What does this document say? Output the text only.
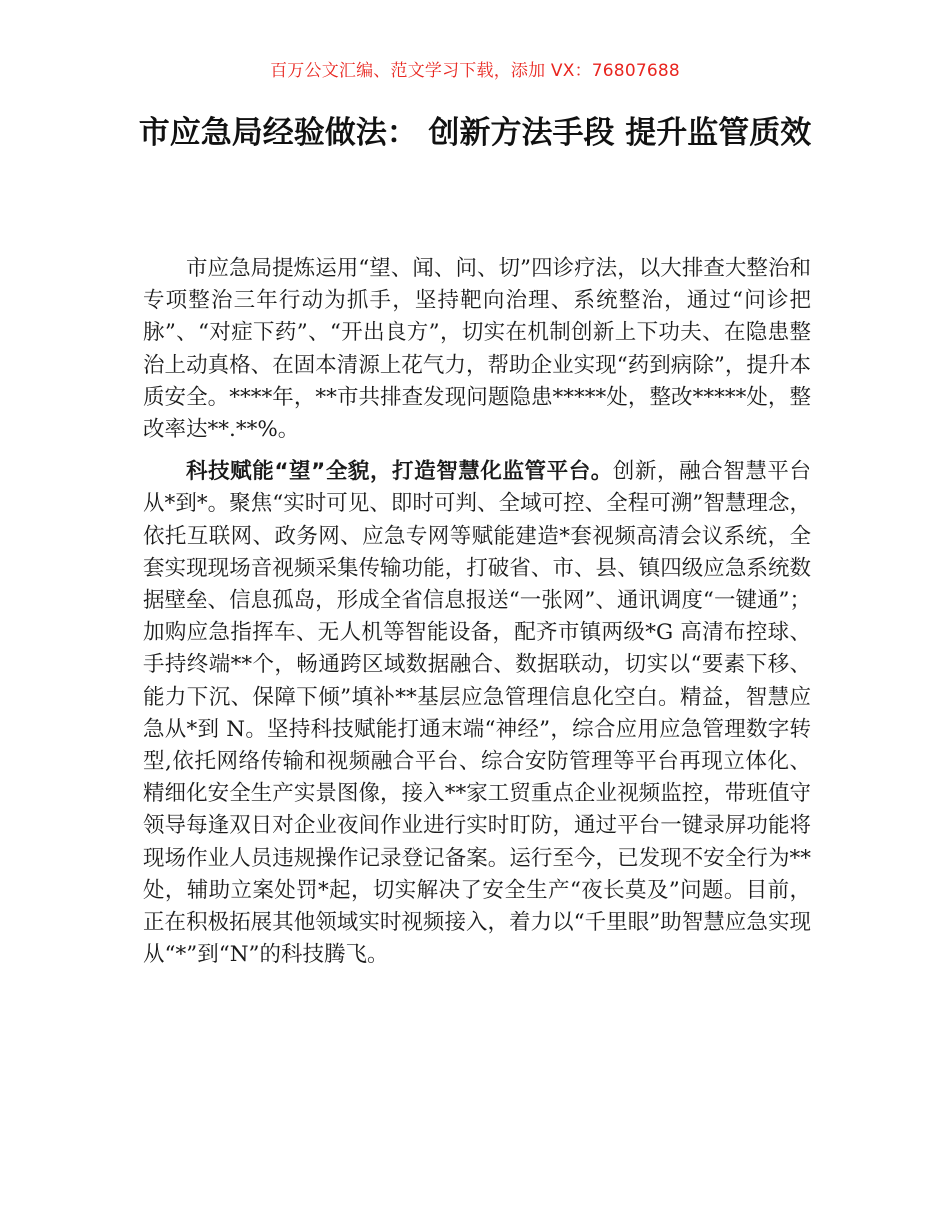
百万公文汇编、范文学习下载，添加 VX：76807688
市应急局经验做法： 创新方法手段 提升监管质效

市应急局提炼运用“望、闻、问、切”四诊疗法，以大排查大整治和专项整治三年行动为抓手，坚持靶向治理、系统整治，通过“问诊把脉”、“对症下药”、“开出良方”，切实在机制创新上下功夫、在隐患整治上动真格、在固本清源上花气力，帮助企业实现“药到病除”，提升本质安全。****年，**市共排查发现问题隐患*****处，整改*****处，整改率达**.**%。

科技赋能“望”全貌，打造智慧化监管平台。创新，融合智慧平台从*到*。聚焦“实时可见、即时可判、全域可控、全程可溯”智慧理念，依托互联网、政务网、应急专网等赋能建造*套视频高清会议系统，全套实现现场音视频采集传输功能，打破省、市、县、镇四级应急系统数据壁垒、信息孤岛，形成全省信息报送“一张网”、通讯调度“一键通”；加购应急指挥车、无人机等智能设备，配齐市镇两级*G 高清布控球、手持终端**个，畅通跨区域数据融合、数据联动，切实以“要素下移、能力下沉、保障下倾”填补**基层应急管理信息化空白。精益，智慧应急从*到 N。坚持科技赋能打通末端“神经”，综合应用应急管理数字转型,依托网络传输和视频融合平台、综合安防管理等平台再现立体化、精细化安全生产实景图像，接入**家工贸重点企业视频监控，带班值守领导每逢双日对企业夜间作业进行实时盯防，通过平台一键录屏功能将现场作业人员违规操作记录登记备案。运行至今，已发现不安全行为**处，辅助立案处罚*起，切实解决了安全生产“夜长莫及”问题。目前，正在积极拓展其他领域实时视频接入，着力以“千里眼”助智慧应急实现从“*”到“N”的科技腾飞。
